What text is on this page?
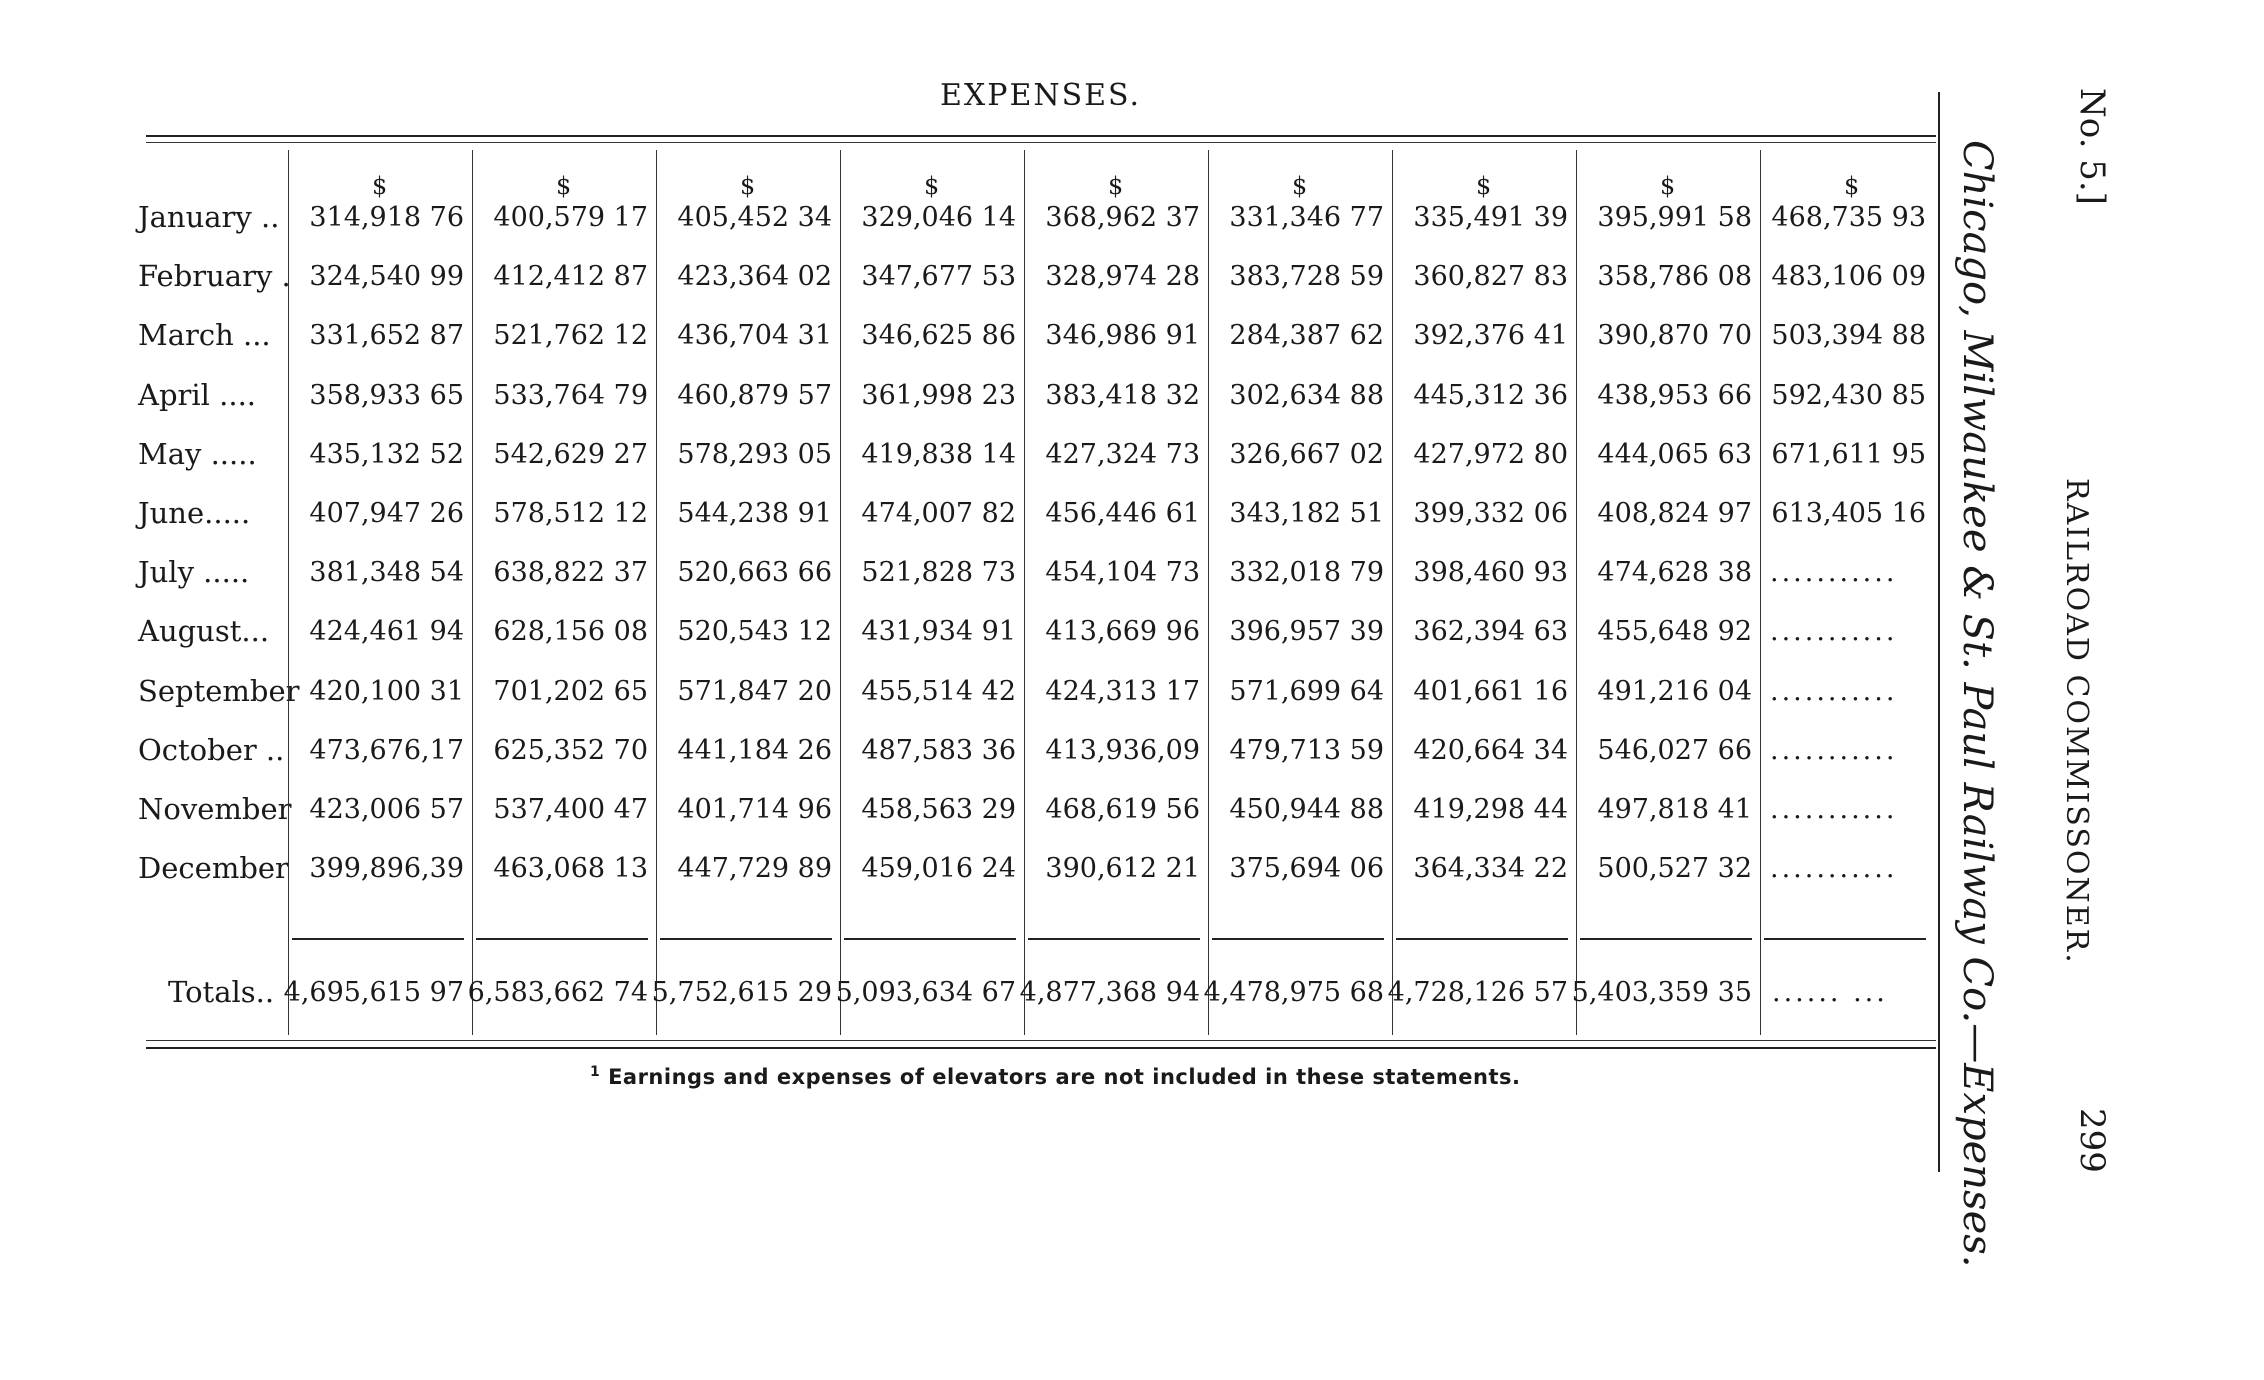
EXPENSES.
January ..
February .
March ...
April ....
May .....
June.....
July .....
August...
September
October ..
November
December
$
314,918 76
324,540 99
331,652 87
358,933 65
435,132 52
407,947 26
381,348 54
424,461 94
420,100 31
473,676,17
423,006 57
399,896,39
4,695,615 97
$
400,579 17
412,412 87
521,762 12
533,764 79
542,629 27
578,512 12
638,822 37
628,156 08
701,202 65
625,352 70
537,400 47
463,068 13
6,583,662 74
$
405,452 34
423,364 02
436,704 31
460,879 57
578,293 05
544,238 91
520,663 66
520,543 12
571,847 20
441,184 26
401,714 96
447,729 89
5,752,615 29
$
329,046 14
347,677 53
346,625 86
361,998 23
419,838 14
474,007 82
521,828 73
431,934 91
455,514 42
487,583 36
458,563 29
459,016 24
5,093,634 67
$
368,962 37
328,974 28
346,986 91
383,418 32
427,324 73
456,446 61
454,104 73
413,669 96
424,313 17
413,936,09
468,619 56
390,612 21
4,877,368 94
$
331,346 77
383,728 59
284,387 62
302,634 88
326,667 02
343,182 51
332,018 79
396,957 39
571,699 64
479,713 59
450,944 88
375,694 06
4,478,975 68
$
335,491 39
360,827 83
392,376 41
445,312 36
427,972 80
399,332 06
398,460 93
362,394 63
401,661 16
420,664 34
419,298 44
364,334 22
4,728,126 57
$
395,991 58
358,786 08
390,870 70
438,953 66
444,065 63
408,824 97
474,628 38
455,648 92
491,216 04
546,027 66
497,818 41
500,527 32
5,403,359 35
$
468,735 93
483,106 09
503,394 88
592,430 85
671,611 95
613,405 16
...........
...........
...........
...........
...........
...........
...... ...
Totals..
$^1$ Earnings and expenses of elevators are not included in these statements.	Chicago, Milwaukee & St. Paul Railway Co.—Expenses. RAILROAD COMMISSONER.
No. 5.]
299
